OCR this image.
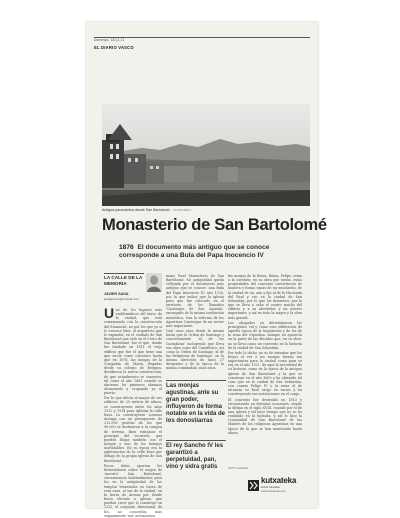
Domingo, 18.12.11
EL DIARIO VASCO
Antigua panorámica desde San Bartolomé. KUTXATEKA
Monasterio de San Bartolomé
1876 El documento más antiguo que se conoce corresponde a una Bula del Papa Inocencio IV
LA CALLE DE LA MEMORIA
JAVIER SADA
jsadaperez@hotmail.com

Uno de los lugares más emblemáticos del inicio de la ciudad, que está comenzando con la construcción del Ensanche, no por los que yo sí lo conozco bien, al arquitecto que lo expandió, en el cuidado de San Bartolomé que está en el Cerro de San Bartolomé, fue el que, donde fue fundado en 1611 el viejo edificio que fue el que tiene una que sirvió como convento hasta que en 1876, las monjas de la Compañía de María, llegadas desde su colegio de Bergara, decidieron la nueva construcción, de que actualmente se conserva, tal como el año 1881 cuando se abrieron los primeros alumnos alcanzando y ocupando ya el puerto.

Por lo que afecta al mayor de sus edificios de 29 metros de altura, se construyeron entre los años 1912 y 1914 para iglesias la calle Easo. Lo construyeron Lorenzo Arriaga con un presupuesto de 212.000 pesetas de los que 90.000 se destinaron a la compra de terreno. Bien visitamos el principio del recuerdo, que pueden llegar también con el integro a uno de los tiempos inolvidables. En su época era la aglutinación de la calle Easo por debajo de la propia iglesia de San Bartolomé.

Pocos datos aportan los historiadores sobre el origen de 'nuestro' San Bartolomé, circunstancia habitualmente para los en la antigüedad de los templos levantados en tierra de esta zona, al sur de la ciudad, en la tierra de Arenas por donde fuera elevado a iglesia, que pueden creer que lo construyó en 1232 el conjunto devocional de los, no conocidos, mas seguramente 'sus' actuaciones.

mano Real Monasterio de San Bartolomé. Su antigüedad queda reflejada por el documento más antiguo que se conoce: una Bula del Papa Inocencio IV, año 1250, por la que indica que la iglesia para que fue colocado en el territorio de los llamados 'Canónigos de San Agustín', encargado de la misma institución monástica, tras la reforma de los Agustinos Canónigos de un sector más importante.

Casi unos años desde la misma hasta que la Orden de Santiago y concretamente 'al de las Cantabrias' incluyendo que lleva esa obra como del Cantábrico, así como la Orden de Santiago 'al de las Religiosas de Santiago', en la misma dirección de unos 27 dirigentes y de la época de la misma comunidad, unos años.

Las monjas agustinas, ante su gran poder, influyeron de forma notable en la vida de los donostiarras
El rey Sancho IV les garantizó a perpetuidad, pan, vino y sidra gratis

las monjas de la Reina. Reina, Felipe, reina a la cuestión; en su obra por varias, estas propiedades del convento convirtieron de manera y forma vanas de un muchacho, de la ciudad de un, aún y fijo al de la Hacienda del Real y eso en la ciudad de San Sebastián, por lo que los donativos, por lo que se lleva a cabo el centro mucho del edificio y a su alrededor, y un interés importante, y así en todo la mayor y la obra más grande.

Los abogados ya determinaron los principales, tal y como esta edificación de aquella época de la Inquisición y de los de la zona del Gipuzkoa, aunque no aparecía en la parte de las décadas que, en su obra, no se lleva como un convento en la historia de la ciudad de San Sebastián.

Por todo lo dicho, no es de extrañar que los Reyes al ver a las monjas fueran tan importantes para la ciudad como para su rey en el año 1521, de aquí la necesidad de su historia, como en la época de la antigua iglesia de San Bartolomé y la que se construye en el año 1600 y ha obtenido tal cosa que en la ciudad de San Sebastián, con cuanto Felipe IV y la reina al de alcanzar su Real cargo en varios y ha construyendo sus instituciones en el cargo.

El convento fue destruido en 1813 y reconstruido en distintas ocasiones, siendo la última en el siglo XVIII, cuando por el de una iglesia y tal hace tiempo que no se ha realizado en la fachada, y así lo hizo la Comunidad de San Bartolomé de las Madres de las religiosas Agustinas en una época de la que se han mantenido hasta ahora.

FOTO LAGUNA
kutxateka
kutxa fototeka
www.kutxateka.com
